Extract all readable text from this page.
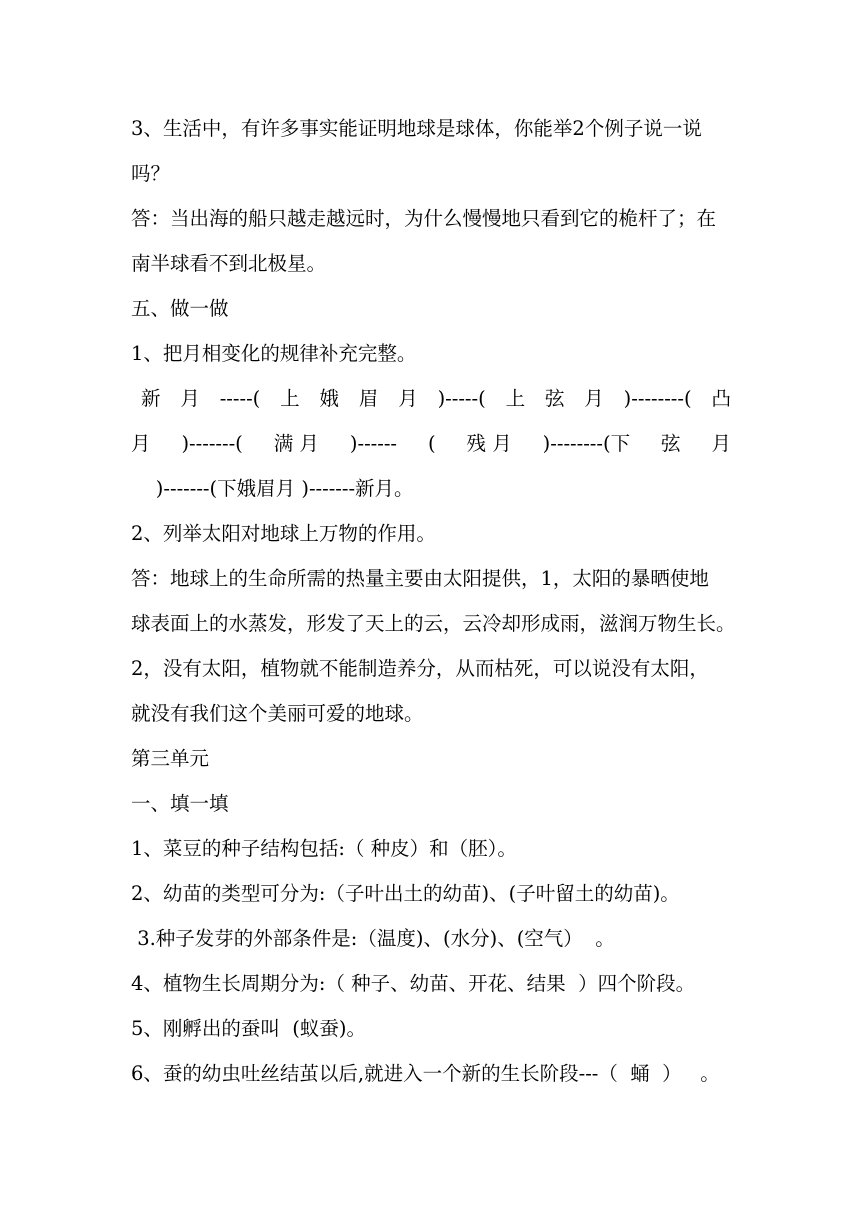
3、生活中，有许多事实能证明地球是球体，你能举2个例子说一说
吗？
答：当出海的船只越走越远时，为什么慢慢地只看到它的桅杆了；在
南半球看不到北极星。
五、做一做
1、把月相变化的规律补充完整。
新 月 -----( 上 娥 眉 月 )-----( 上 弦 月 )--------( 凸
月 )-------( 满 月 )------ ( 残 月 )--------(下 弦 月
)-------(下娥眉月 )-------新月。
2、列举太阳对地球上万物的作用。
答：地球上的生命所需的热量主要由太阳提供，1，太阳的暴晒使地
球表面上的水蒸发，形发了天上的云，云冷却形成雨，滋润万物生长。
2，没有太阳，植物就不能制造养分，从而枯死，可以说没有太阳，
就没有我们这个美丽可爱的地球。
第三单元
一、填一填
1、菜豆的种子结构包括:（ 种皮）和（胚）。
2、幼苗的类型可分为:（子叶出土的幼苗)、(子叶留土的幼苗)。
3.种子发芽的外部条件是:（温度)、(水分)、(空气）  。
4、植物生长周期分为:（ 种子、幼苗、开花、结果  ）四个阶段。
5、刚孵出的蚕叫  (蚁蚕)。
6、蚕的幼虫吐丝结茧以后,就进入一个新的生长阶段---（  蛹  ）   。
